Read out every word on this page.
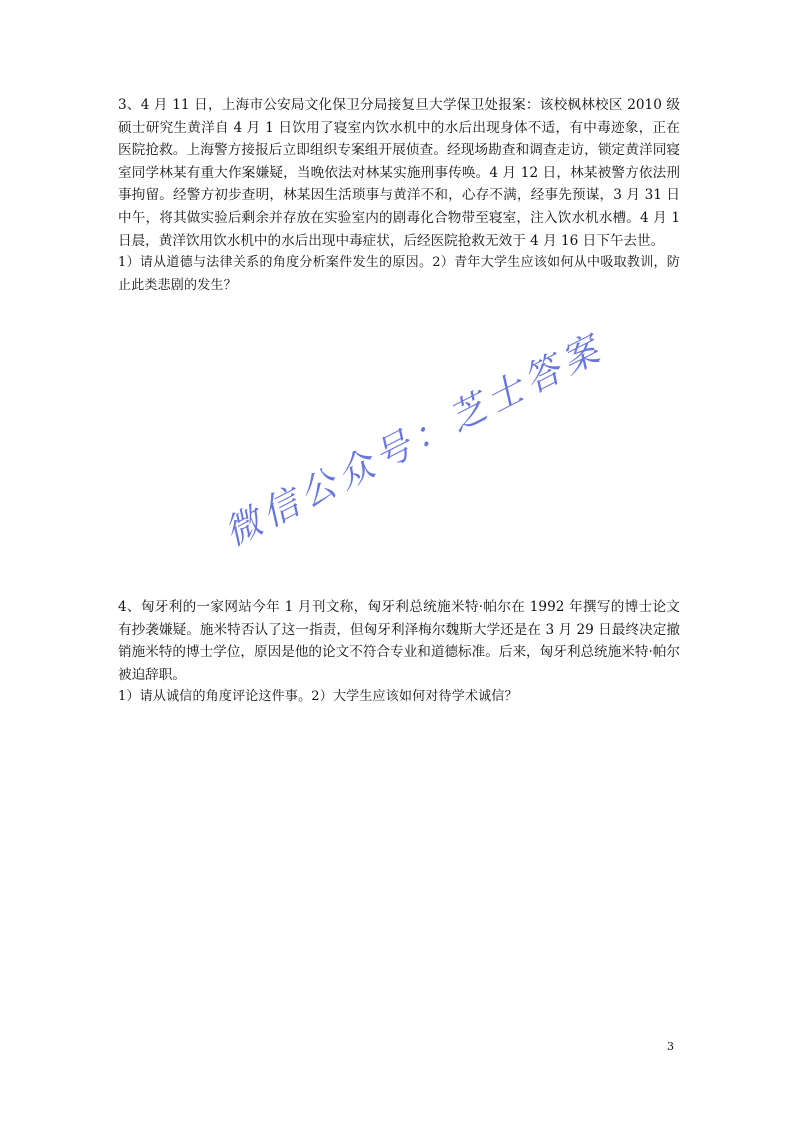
3、4 月 11 日，上海市公安局文化保卫分局接复旦大学保卫处报案：该校枫林校区 2010 级硕士研究生黄洋自 4 月 1 日饮用了寝室内饮水机中的水后出现身体不适，有中毒迹象，正在医院抢救。上海警方接报后立即组织专案组开展侦查。经现场勘查和调查走访，锁定黄洋同寝室同学林某有重大作案嫌疑，当晚依法对林某实施刑事传唤。4 月 12 日，林某被警方依法刑事拘留。经警方初步查明，林某因生活琐事与黄洋不和，心存不满，经事先预谋，3 月 31 日中午，将其做实验后剩余并存放在实验室内的剧毒化合物带至寝室，注入饮水机水槽。4 月 1 日晨，黄洋饮用饮水机中的水后出现中毒症状，后经医院抢救无效于 4 月 16 日下午去世。

1）请从道德与法律关系的角度分析案件发生的原因。2）青年大学生应该如何从中吸取教训，防止此类悲剧的发生？

4、匈牙利的一家网站今年 1 月刊文称，匈牙利总统施米特·帕尔在 1992 年撰写的博士论文有抄袭嫌疑。施米特否认了这一指责，但匈牙利泽梅尔魏斯大学还是在 3 月 29 日最终决定撤销施米特的博士学位，原因是他的论文不符合专业和道德标准。后来，匈牙利总统施米特·帕尔被迫辞职。

1）请从诚信的角度评论这件事。2）大学生应该如何对待学术诚信？

微信公众号：芝士答案

3
